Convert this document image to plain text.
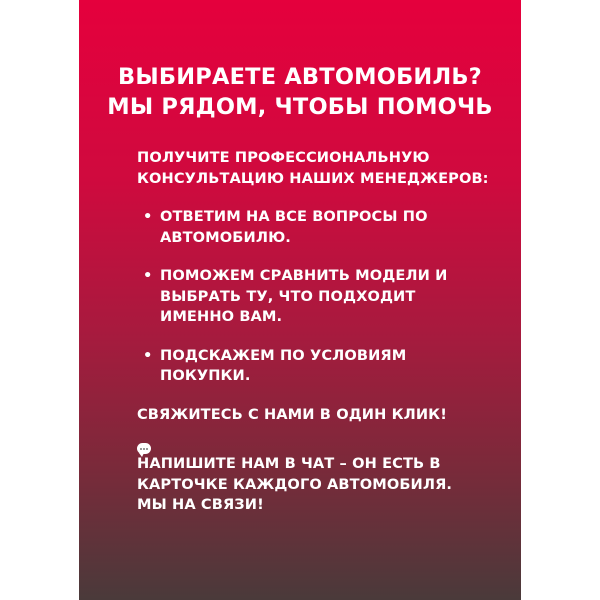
ВЫБИРАЕТЕ АВТОМОБИЛЬ?
МЫ РЯДОМ, ЧТОБЫ ПОМОЧЬ

ПОЛУЧИТЕ ПРОФЕССИОНАЛЬНУЮ
КОНСУЛЬТАЦИЮ НАШИХ МЕНЕДЖЕРОВ:

• ОТВЕТИМ НА ВСЕ ВОПРОСЫ ПО
АВТОМОБИЛЮ.
• ПОМОЖЕМ СРАВНИТЬ МОДЕЛИ И
ВЫБРАТЬ ТУ, ЧТО ПОДХОДИТ
ИМЕННО ВАМ.
• ПОДСКАЖЕМ ПО УСЛОВИЯМ
ПОКУПКИ.

СВЯЖИТЕСЬ С НАМИ В ОДИН КЛИК!

НАПИШИТЕ НАМ В ЧАТ – ОН ЕСТЬ В
КАРТОЧКЕ КАЖДОГО АВТОМОБИЛЯ.
МЫ НА СВЯЗИ!
